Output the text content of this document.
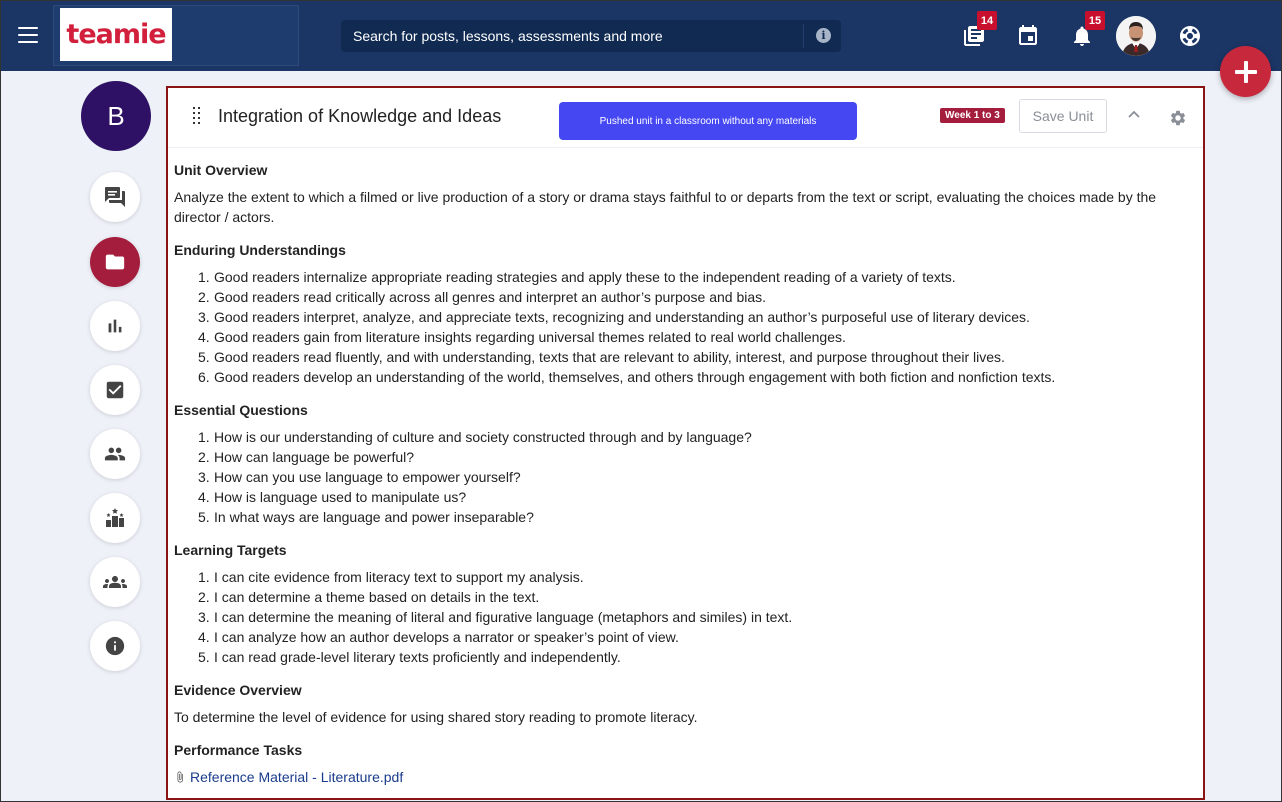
teamie	Search for posts, lessons, assessments and more	i
14	15
B	Integration of Knowledge and Ideas	Pushed unit in a classroom without any materials	Week 1 to 3	Save Unit
Unit Overview
Analyze the extent to which a filmed or live production of a story or drama stays faithful to or departs from the text or script, evaluating the choices made by the director / actors.
Enduring Understandings
1. Good readers internalize appropriate reading strategies and apply these to the independent reading of a variety of texts.
2. Good readers read critically across all genres and interpret an author’s purpose and bias.
3. Good readers interpret, analyze, and appreciate texts, recognizing and understanding an author’s purposeful use of literary devices.
4. Good readers gain from literature insights regarding universal themes related to real world challenges.
5. Good readers read fluently, and with understanding, texts that are relevant to ability, interest, and purpose throughout their lives.
6. Good readers develop an understanding of the world, themselves, and others through engagement with both fiction and nonfiction texts.
Essential Questions
1. How is our understanding of culture and society constructed through and by language?
2. How can language be powerful?
3. How can you use language to empower yourself?
4. How is language used to manipulate us?
5. In what ways are language and power inseparable?
Learning Targets
1. I can cite evidence from literacy text to support my analysis.
2. I can determine a theme based on details in the text.
3. I can determine the meaning of literal and figurative language (metaphors and similes) in text.
4. I can analyze how an author develops a narrator or speaker’s point of view.
5. I can read grade-level literary texts proficiently and independently.
Evidence Overview
To determine the level of evidence for using shared story reading to promote literacy.
Performance Tasks
Reference Material - Literature.pdf
